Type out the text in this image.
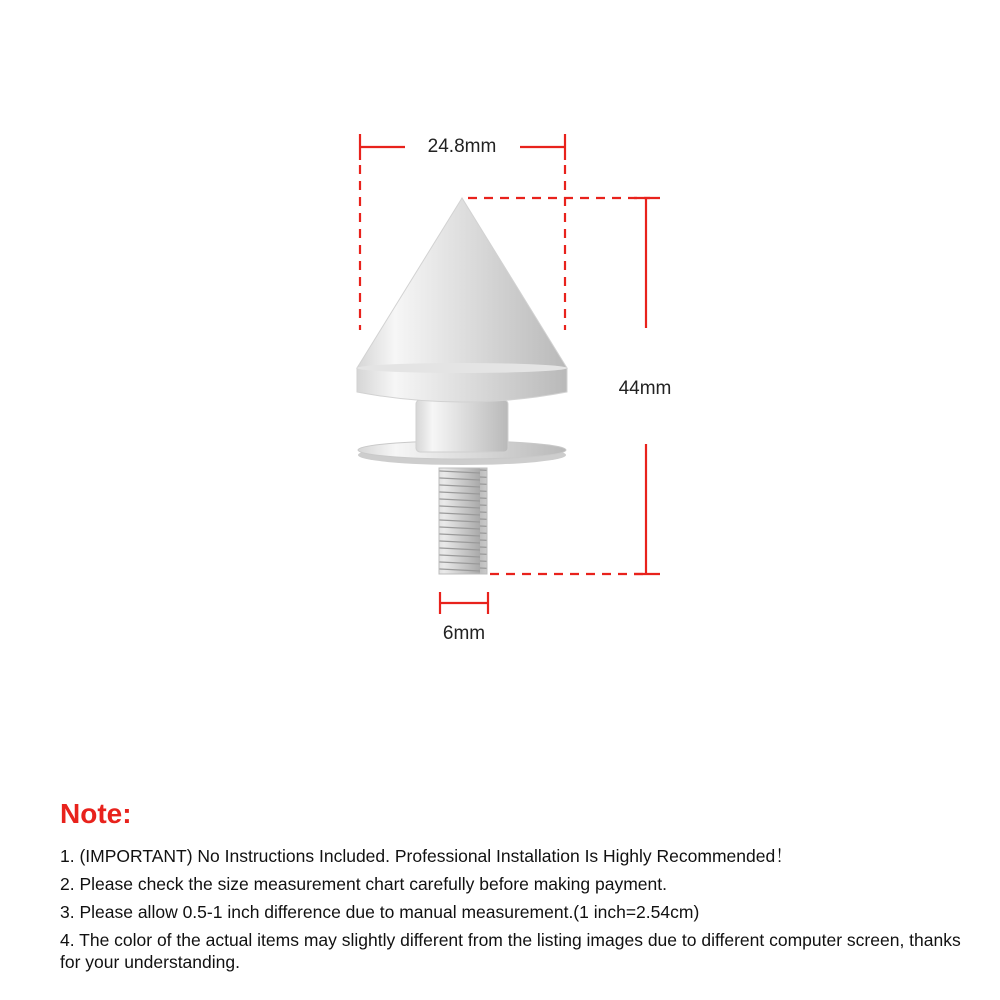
24.8mm
44mm
6mm
Note:
1. (IMPORTANT) No Instructions Included. Professional Installation Is Highly Recommended！
2. Please check the size measurement chart carefully before making payment.
3. Please allow 0.5-1 inch difference due to manual measurement.(1 inch=2.54cm)
4. The color of the actual items may slightly different from the listing images due to different computer screen, thanks for your understanding.
